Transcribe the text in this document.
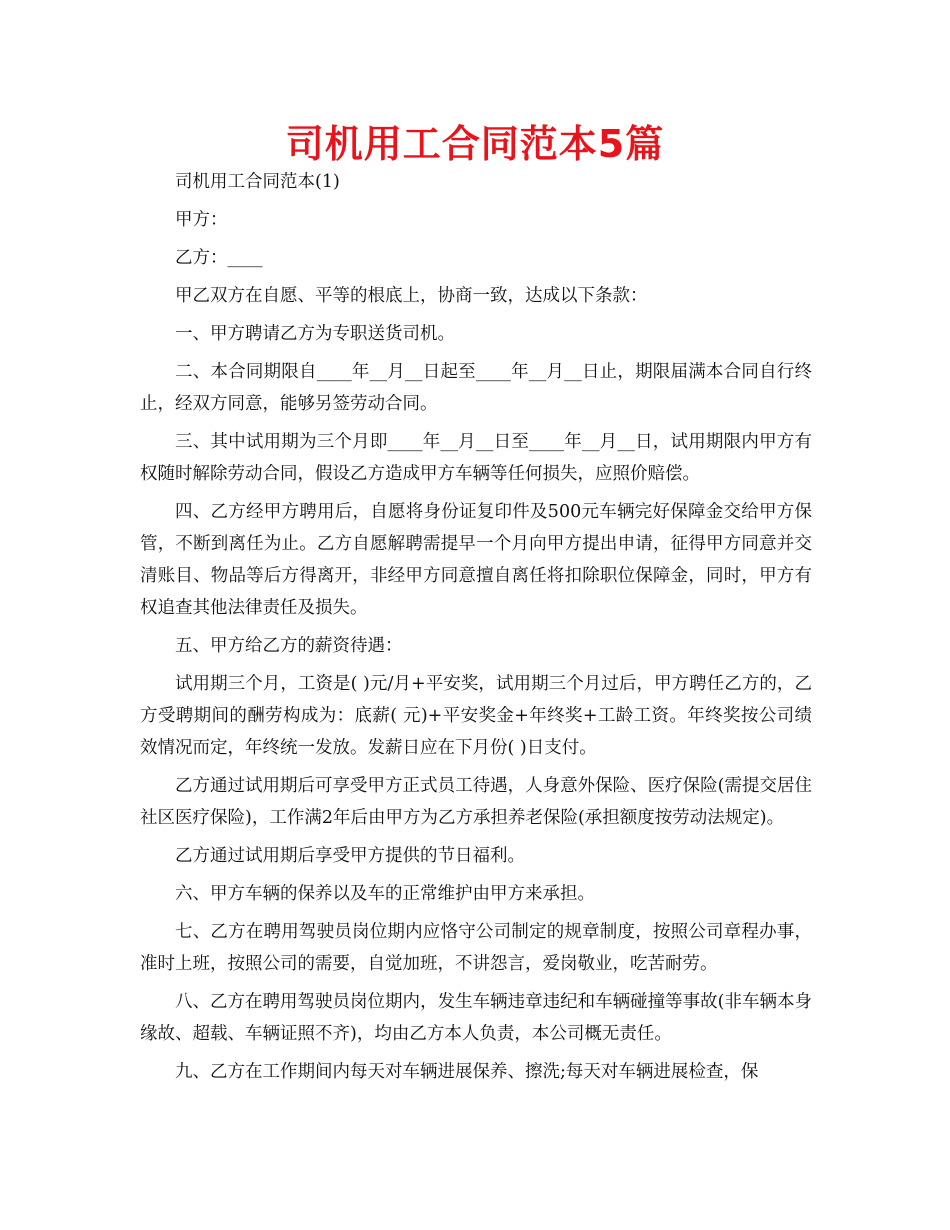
司机用工合同范本5篇

司机用工合同范本(1)

甲方：

乙方：____

甲乙双方在自愿、平等的根底上，协商一致，达成以下条款：

一、甲方聘请乙方为专职送货司机。

二、本合同期限自____年__月__日起至____年__月__日止，期限届满本合同自行终止，经双方同意，能够另签劳动合同。

三、其中试用期为三个月即____年__月__日至____年__月__日，试用期限内甲方有权随时解除劳动合同，假设乙方造成甲方车辆等任何损失，应照价赔偿。

四、乙方经甲方聘用后，自愿将身份证复印件及500元车辆完好保障金交给甲方保管，不断到离任为止。乙方自愿解聘需提早一个月向甲方提出申请，征得甲方同意并交清账目、物品等后方得离开，非经甲方同意擅自离任将扣除职位保障金，同时，甲方有权追查其他法律责任及损失。

五、甲方给乙方的薪资待遇：

试用期三个月，工资是( )元/月+平安奖，试用期三个月过后，甲方聘任乙方的，乙方受聘期间的酬劳构成为：底薪( 元)+平安奖金+年终奖+工龄工资。年终奖按公司绩效情况而定，年终统一发放。发薪日应在下月份( )日支付。

乙方通过试用期后可享受甲方正式员工待遇，人身意外保险、医疗保险(需提交居住社区医疗保险)，工作满2年后由甲方为乙方承担养老保险(承担额度按劳动法规定)。

乙方通过试用期后享受甲方提供的节日福利。

六、甲方车辆的保养以及车的正常维护由甲方来承担。

七、乙方在聘用驾驶员岗位期内应恪守公司制定的规章制度，按照公司章程办事，准时上班，按照公司的需要，自觉加班，不讲怨言，爱岗敬业，吃苦耐劳。

八、乙方在聘用驾驶员岗位期内，发生车辆违章违纪和车辆碰撞等事故(非车辆本身缘故、超载、车辆证照不齐)，均由乙方本人负责，本公司概无责任。

九、乙方在工作期间内每天对车辆进展保养、擦洗;每天对车辆进展检查，保
